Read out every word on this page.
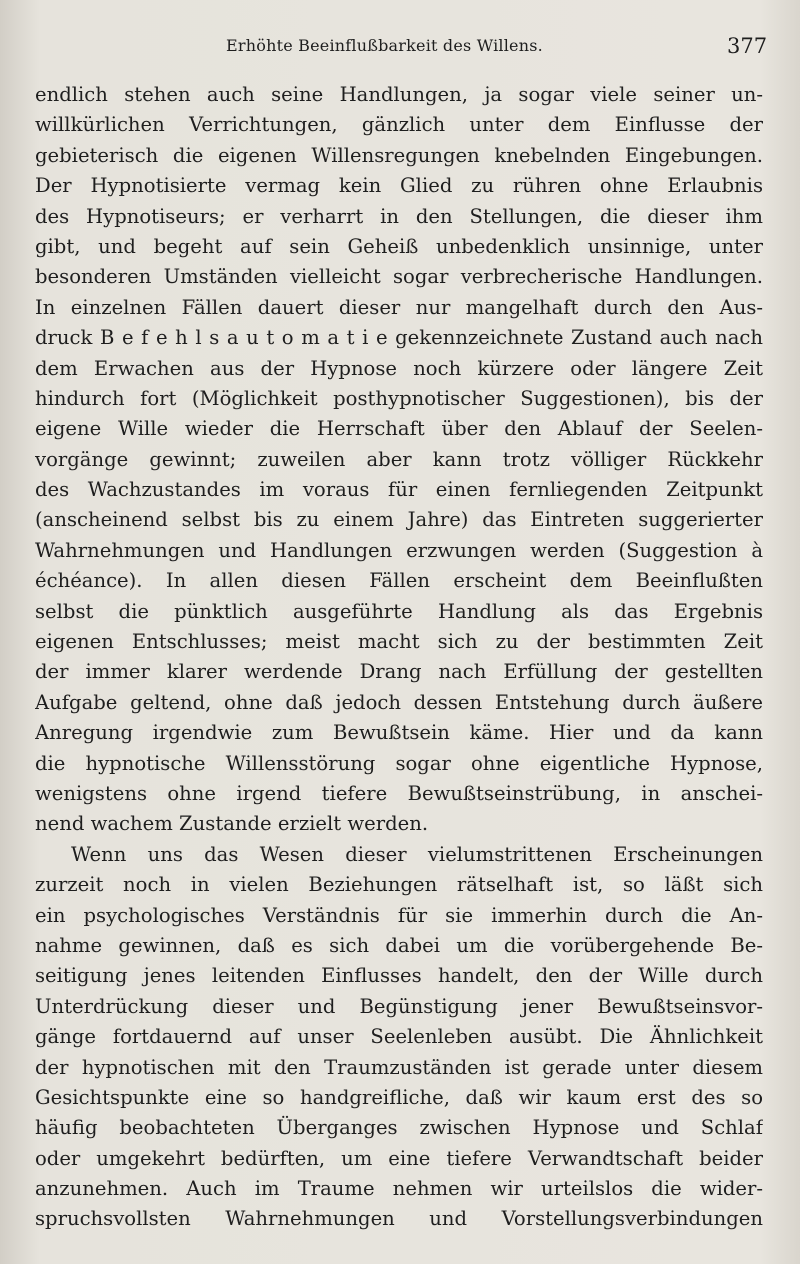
Erhöhte Beeinflußbarkeit des Willens.	377
endlich stehen auch seine Handlungen, ja sogar viele seiner un-
willkürlichen Verrichtungen, gänzlich unter dem Einflusse der
gebieterisch die eigenen Willensregungen knebelnden Eingebungen.
Der Hypnotisierte vermag kein Glied zu rühren ohne Erlaubnis
des Hypnotiseurs; er verharrt in den Stellungen, die dieser ihm
gibt, und begeht auf sein Geheiß unbedenklich unsinnige, unter
besonderen Umständen vielleicht sogar verbrecherische Handlungen.
In einzelnen Fällen dauert dieser nur mangelhaft durch den Aus-
druck B e f e h l s a u t o m a t i e gekennzeichnete Zustand auch nach
dem Erwachen aus der Hypnose noch kürzere oder längere Zeit
hindurch fort (Möglichkeit posthypnotischer Suggestionen), bis der
eigene Wille wieder die Herrschaft über den Ablauf der Seelen-
vorgänge gewinnt; zuweilen aber kann trotz völliger Rückkehr
des Wachzustandes im voraus für einen fernliegenden Zeitpunkt
(anscheinend selbst bis zu einem Jahre) das Eintreten suggerierter
Wahrnehmungen und Handlungen erzwungen werden (Suggestion à
échéance). In allen diesen Fällen erscheint dem Beeinflußten
selbst die pünktlich ausgeführte Handlung als das Ergebnis
eigenen Entschlusses; meist macht sich zu der bestimmten Zeit
der immer klarer werdende Drang nach Erfüllung der gestellten
Aufgabe geltend, ohne daß jedoch dessen Entstehung durch äußere
Anregung irgendwie zum Bewußtsein käme. Hier und da kann
die hypnotische Willensstörung sogar ohne eigentliche Hypnose,
wenigstens ohne irgend tiefere Bewußtseinstrübung, in anschei-
nend wachem Zustande erzielt werden.
Wenn uns das Wesen dieser vielumstrittenen Erscheinungen
zurzeit noch in vielen Beziehungen rätselhaft ist, so läßt sich
ein psychologisches Verständnis für sie immerhin durch die An-
nahme gewinnen, daß es sich dabei um die vorübergehende Be-
seitigung jenes leitenden Einflusses handelt, den der Wille durch
Unterdrückung dieser und Begünstigung jener Bewußtseinsvor-
gänge fortdauernd auf unser Seelenleben ausübt. Die Ähnlichkeit
der hypnotischen mit den Traumzuständen ist gerade unter diesem
Gesichtspunkte eine so handgreifliche, daß wir kaum erst des so
häufig beobachteten Überganges zwischen Hypnose und Schlaf
oder umgekehrt bedürften, um eine tiefere Verwandtschaft beider
anzunehmen. Auch im Traume nehmen wir urteilslos die wider-
spruchsvollsten Wahrnehmungen und Vorstellungsverbindungen
